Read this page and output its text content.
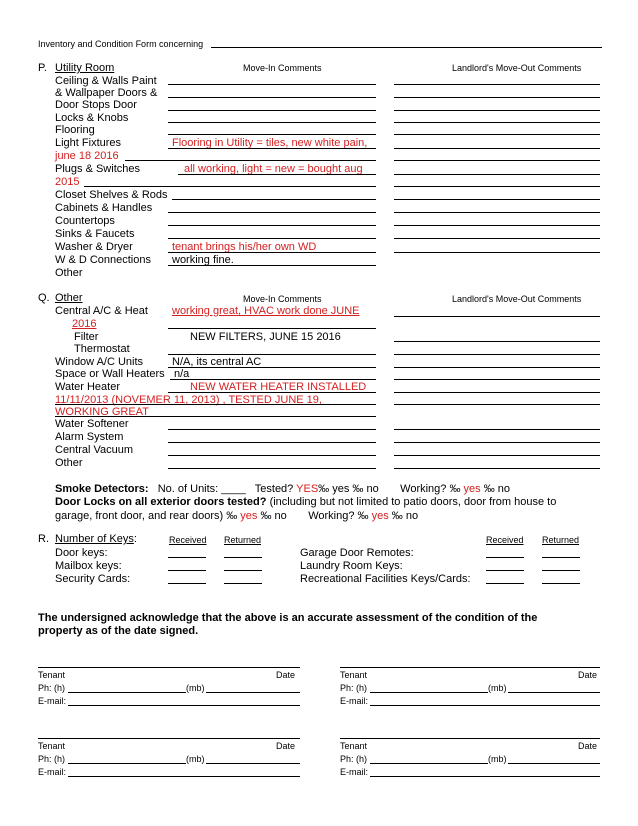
Inventory and Condition Form concerning
P. Utility Room	Move-In Comments	Landlord's Move-Out Comments
Ceiling & Walls Paint
& Wallpaper Doors &
Door Stops Door
Locks & Knobs
Flooring
Light Fixtures	Flooring in Utility = tiles, new white pain,
june 18 2016
Plugs & Switches	all working, light = new = bought aug
2015
Closet Shelves & Rods
Cabinets & Handles
Countertops
Sinks & Faucets
Washer & Dryer	tenant brings his/her own WD
W & D Connections working fine.
Other
Q. Other	Move-In Comments	Landlord's Move-Out Comments
Central A/C & Heat working great, HVAC work done JUNE
2016
Filter	NEW FILTERS, JUNE 15 2016
Thermostat
Window A/C Units	N/A, its central AC
Space or Wall Heaters n/a
Water Heater	NEW WATER HEATER INSTALLED
11/11/2013 (NOVEMER 11, 2013) , TESTED JUNE 19,
WORKING GREAT
Water Softener
Alarm System
Central Vacuum
Other
Smoke Detectors: No. of Units: ____ Tested? YES‰ yes ‰ no Working? ‰ yes ‰ no
Door Locks on all exterior doors tested? (including but not limited to patio doors, door from house to
garage, front door, and rear doors) ‰ yes ‰ no Working? ‰ yes ‰ no
R. Number of Keys:	Received Returned	Received Returned
Door keys:	Garage Door Remotes:
Mailbox keys:	Laundry Room Keys:
Security Cards:	Recreational Facilities Keys/Cards:
The undersigned acknowledge that the above is an accurate assessment of the condition of the
property as of the date signed.
Tenant	Date
Ph: (h)	(mb)
E-mail:
Tenant	Date
Ph: (h)	(mb)
E-mail:
Tenant	Date
Ph: (h)	(mb)
E-mail:
Tenant	Date
Ph: (h)	(mb)
E-mail:
